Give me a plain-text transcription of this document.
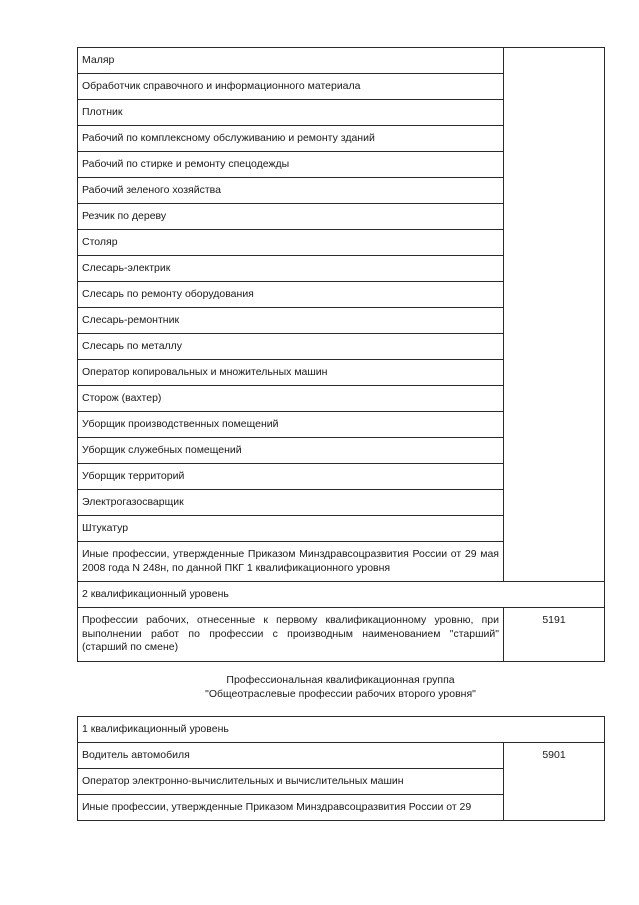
Маляр	
Обработчик справочного и информационного материала	
Плотник	
Рабочий по комплексному обслуживанию и ремонту зданий	
Рабочий по стирке и ремонту спецодежды	
Рабочий зеленого хозяйства	
Резчик по дереву	
Столяр	
Слесарь-электрик	
Слесарь по ремонту оборудования	
Слесарь-ремонтник	
Слесарь по металлу	
Оператор копировальных и множительных машин	
Сторож (вахтер)	
Уборщик производственных помещений	
Уборщик служебных помещений	
Уборщик территорий	
Электрогазосварщик	
Штукатур	
Иные профессии, утвержденные Приказом Минздравсоцразвития России от 29 мая 2008 года N 248н, по данной ПКГ 1 квалификационного уровня	
2 квалификационный уровень	
Профессии рабочих, отнесенные к первому квалификационному уровню, при выполнении работ по профессии с производным наименованием "старший" (старший по смене)	5191
Профессиональная квалификационная группа
"Общеотраслевые профессии рабочих второго уровня"
1 квалификационный уровень
Водитель автомобиля	5901
Оператор электронно-вычислительных и вычислительных машин
Иные профессии, утвержденные Приказом Минздравсоцразвития России от 29
